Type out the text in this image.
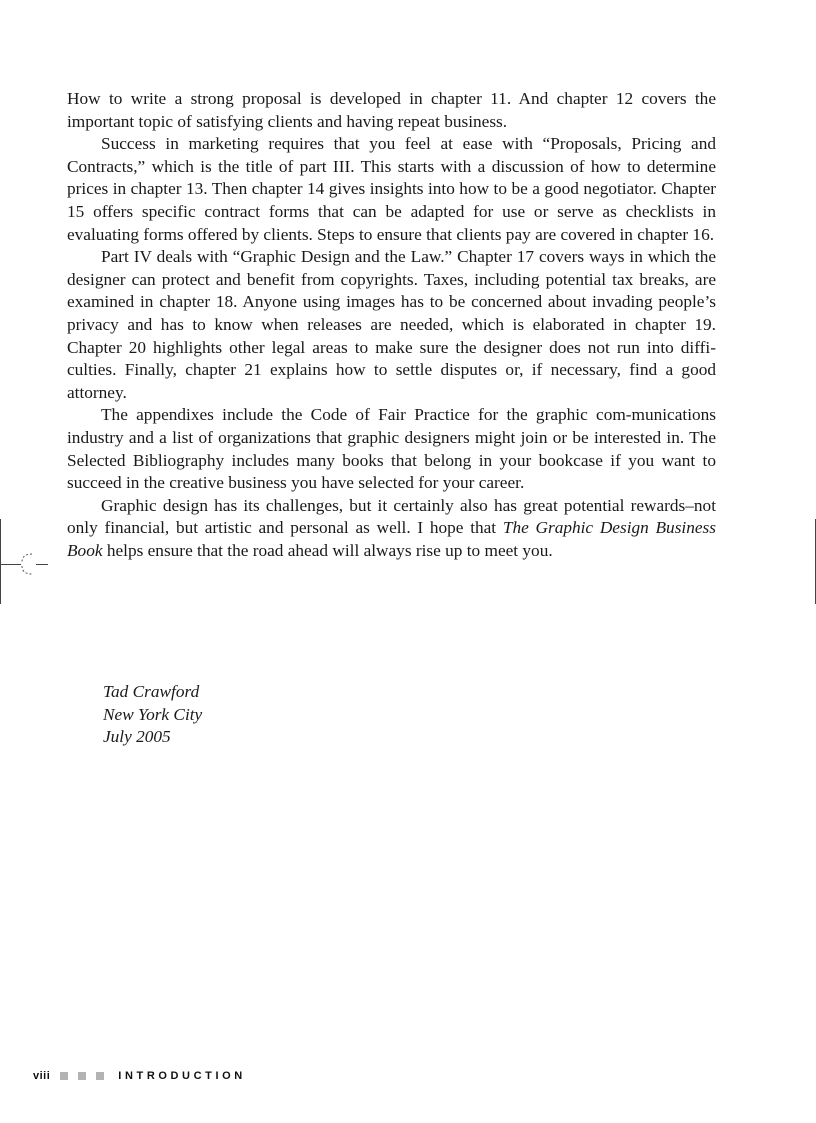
How to write a strong proposal is developed in chapter 11. And chapter 12 covers the important topic of satisfying clients and having repeat business.

Success in marketing requires that you feel at ease with “Proposals, Pricing and Contracts,” which is the title of part III. This starts with a discussion of how to determine prices in chapter 13. Then chapter 14 gives insights into how to be a good negotiator. Chapter 15 offers specific contract forms that can be adapted for use or serve as checklists in evaluating forms offered by clients. Steps to ensure that clients pay are covered in chapter 16.

Part IV deals with “Graphic Design and the Law.” Chapter 17 covers ways in which the designer can protect and benefit from copyrights. Taxes, including potential tax breaks, are examined in chapter 18. Anyone using images has to be concerned about invading people’s privacy and has to know when releases are needed, which is elaborated in chapter 19. Chapter 20 highlights other legal areas to make sure the designer does not run into diffi-culties. Finally, chapter 21 explains how to settle disputes or, if necessary, find a good attorney.

The appendixes include the Code of Fair Practice for the graphic com-munications industry and a list of organizations that graphic designers might join or be interested in. The Selected Bibliography includes many books that belong in your bookcase if you want to succeed in the creative business you have selected for your career.

Graphic design has its challenges, but it certainly also has great potential rewards–not only financial, but artistic and personal as well. I hope that The Graphic Design Business Book helps ensure that the road ahead will always rise up to meet you.

Tad Crawford
New York City
July 2005
viii	INTRODUCTION
